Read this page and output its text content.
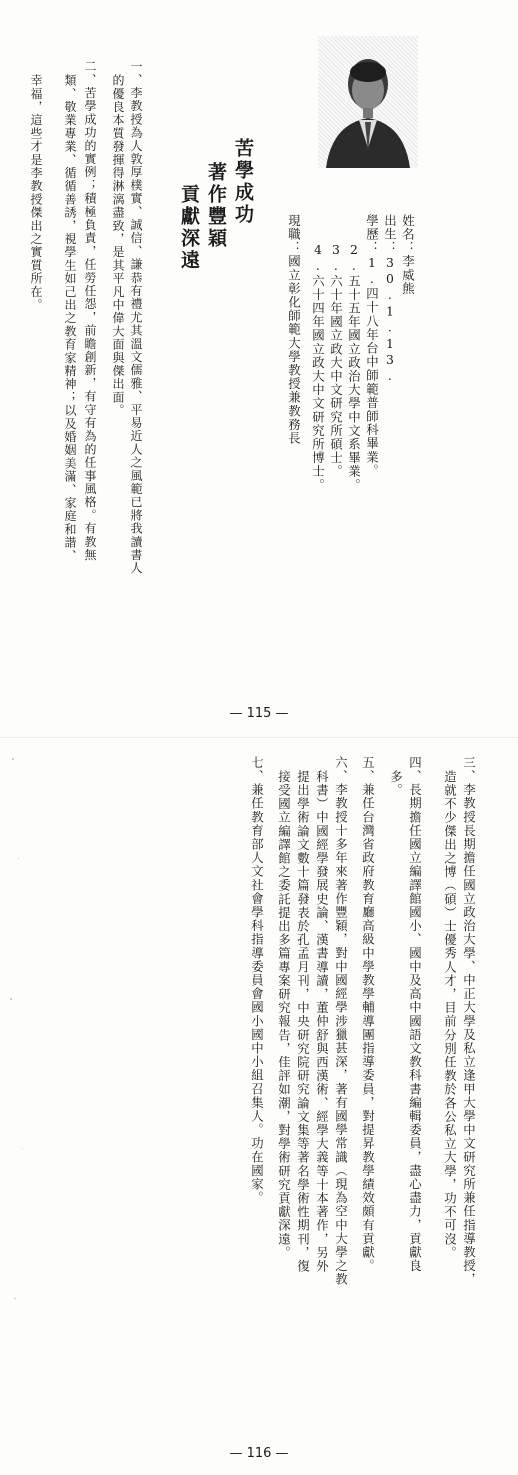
姓名：李威熊
出生：30.1.13.
學歷：1.四十八年台中師範普師科畢業。
2.五十五年國立政治大學中文系畢業。
3.六十年國立政大中文研究所碩士。
4.六十四年國立政大中文研究所博士。
現職：國立彰化師範大學教授兼教務長
苦學成功
著作豐穎
貢獻深遠
一、李教授為人敦厚樸實、誠信、謙恭有禮尤其溫文儒雅、平易近人之風範已將我讀書人
的優良本質發揮得淋漓盡致，是其平凡中偉大面與傑出面。
二、苦學成功的實例；積極負責，任勞任怨，前瞻創新，有守有為的任事風格。有教無
類、敬業專業、循循善誘，視學生如己出之教育家精神；以及婚姻美滿、家庭和諧、
幸福，這些才是李教授傑出之實質所在。
— 115 —
三、李教授長期擔任國立政治大學、中正大學及私立逢甲大學中文研究所兼任指導教授，
造就不少傑出之博（碩）士優秀人才，目前分別任教於各公私立大學，功不可沒。
四、長期擔任國立編譯館國小、國中及高中國語文教科書編輯委員，盡心盡力，貢獻良
多。
五、兼任台灣省政府教育廳高級中學教學輔導團指導委員，對提昇教學績效頗有貢獻。
六、李教授十多年來著作豐穎，對中國經學涉獵甚深，著有國學常識（現為空中大學之教
科書）中國經學發展史論、漢書導讀，董仲舒與西漢術、經學大義等十本著作，另外
提出學術論文數十篇發表於孔孟月刊，中央研究院研究論文集等著名學術性期刊，復
接受國立編譯館之委託提出多篇專案研究報告，佳評如潮，對學術研究貢獻深遠。
七、兼任教育部人文社會學科指導委員會國小國中小組召集人。功在國家。
— 116 —
